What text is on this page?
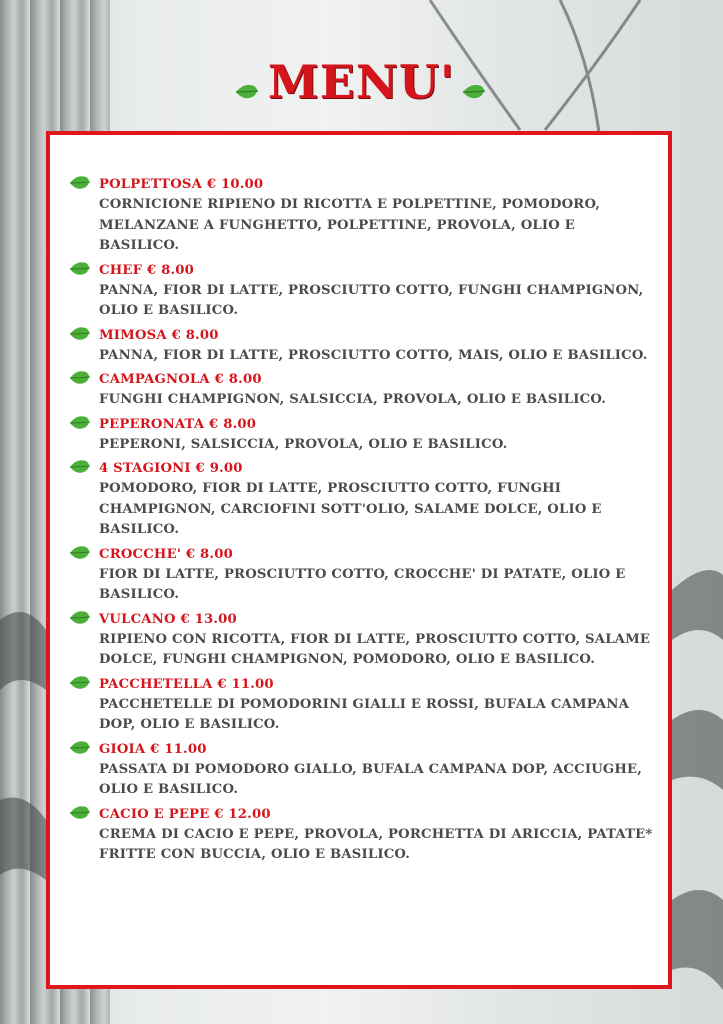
MENU'
POLPETTOSA € 10.00
CORNICIONE RIPIENO DI RICOTTA E POLPETTINE, POMODORO, MELANZANE A FUNGHETTO, POLPETTINE, PROVOLA, OLIO E BASILICO.
CHEF € 8.00
PANNA, FIOR DI LATTE, PROSCIUTTO COTTO, FUNGHI CHAMPIGNON, OLIO E BASILICO.
MIMOSA € 8.00
PANNA, FIOR DI LATTE, PROSCIUTTO COTTO, MAIS, OLIO E BASILICO.
CAMPAGNOLA € 8.00
FUNGHI CHAMPIGNON, SALSICCIA, PROVOLA, OLIO E BASILICO.
PEPERONATA € 8.00
PEPERONI, SALSICCIA, PROVOLA, OLIO E BASILICO.
4 STAGIONI € 9.00
POMODORO, FIOR DI LATTE, PROSCIUTTO COTTO, FUNGHI CHAMPIGNON, CARCIOFINI SOTT'OLIO, SALAME DOLCE, OLIO E BASILICO.
CROCCHE' € 8.00
FIOR DI LATTE, PROSCIUTTO COTTO, CROCCHE' DI PATATE, OLIO E BASILICO.
VULCANO € 13.00
RIPIENO CON RICOTTA, FIOR DI LATTE, PROSCIUTTO COTTO, SALAME DOLCE, FUNGHI CHAMPIGNON, POMODORO, OLIO E BASILICO.
PACCHETELLA € 11.00
PACCHETELLE DI POMODORINI GIALLI E ROSSI, BUFALA CAMPANA DOP, OLIO E BASILICO.
GIOIA € 11.00
PASSATA DI POMODORO GIALLO, BUFALA CAMPANA DOP, ACCIUGHE, OLIO E BASILICO.
CACIO E PEPE € 12.00
CREMA DI CACIO E PEPE, PROVOLA, PORCHETTA DI ARICCIA, PATATE* FRITTE CON BUCCIA, OLIO E BASILICO.
